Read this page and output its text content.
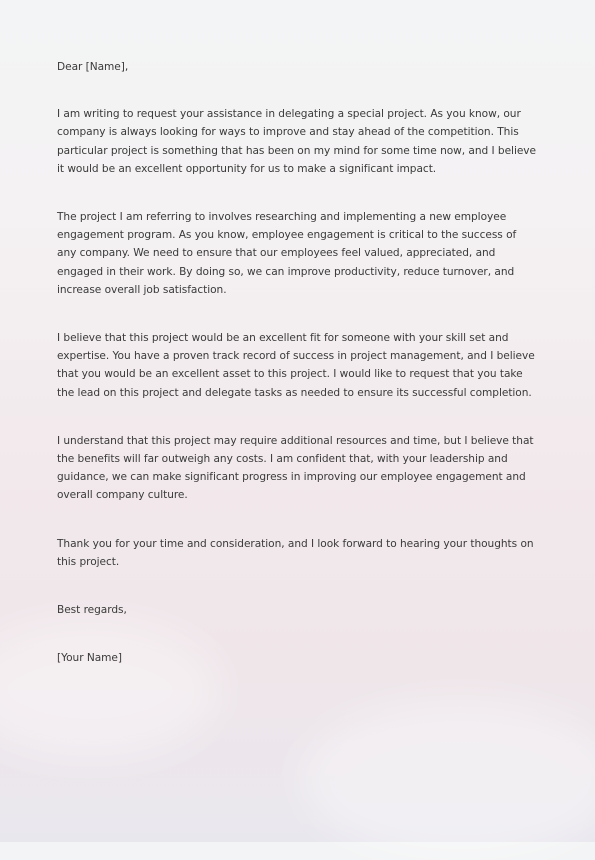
Dear [Name],

I am writing to request your assistance in delegating a special project. As you know, our company is always looking for ways to improve and stay ahead of the competition. This particular project is something that has been on my mind for some time now, and I believe it would be an excellent opportunity for us to make a significant impact.

The project I am referring to involves researching and implementing a new employee engagement program. As you know, employee engagement is critical to the success of any company. We need to ensure that our employees feel valued, appreciated, and engaged in their work. By doing so, we can improve productivity, reduce turnover, and increase overall job satisfaction.

I believe that this project would be an excellent fit for someone with your skill set and expertise. You have a proven track record of success in project management, and I believe that you would be an excellent asset to this project. I would like to request that you take the lead on this project and delegate tasks as needed to ensure its successful completion.

I understand that this project may require additional resources and time, but I believe that the benefits will far outweigh any costs. I am confident that, with your leadership and guidance, we can make significant progress in improving our employee engagement and overall company culture.

Thank you for your time and consideration, and I look forward to hearing your thoughts on this project.

Best regards,

[Your Name]
